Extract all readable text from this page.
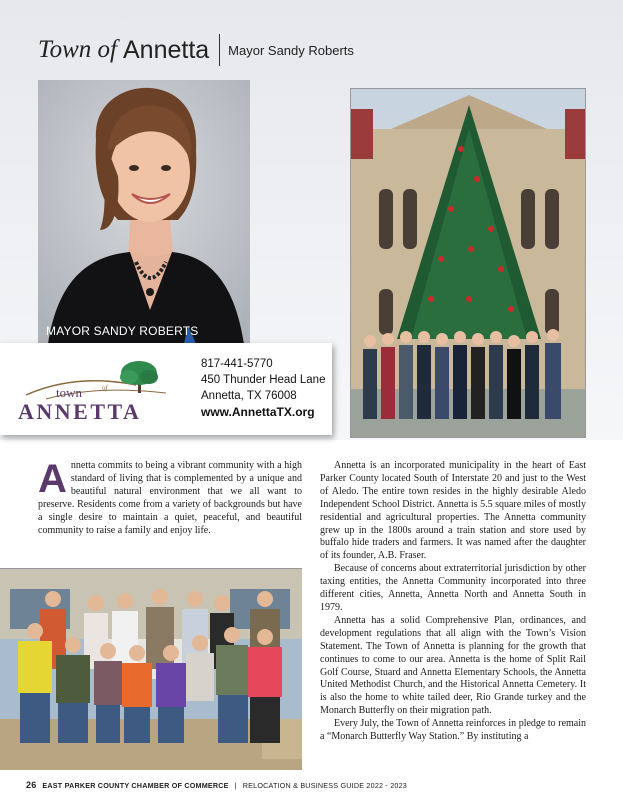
Town of Annetta Mayor Sandy Roberts
MAYOR SANDY ROBERTS
town	of
ANNETTA
817-441-5770
450 Thunder Head Lane
Annetta, TX 76008
www.AnnettaTX.org
A nnetta commits to being a vibrant community with a high standard of living that is complemented by a unique and beautiful natural environment that we all want to preserve. Residents come from a variety of backgrounds but have a single desire to maintain a quiet, peaceful, and beautiful community to raise a family and enjoy life.

Annetta is an incorporated municipality in the heart of East Parker County located South of Interstate 20 and just to the West of Aledo. The entire town resides in the highly desirable Aledo Independent School District. Annetta is 5.5 square miles of mostly residential and agricultural properties. The Annetta community grew up in the 1800s around a train station and store used by buffalo hide traders and farmers. It was named after the daughter of its founder, A.B. Fraser.

Because of concerns about extraterritorial jurisdiction by other taxing entities, the Annetta Community incorporated into three different cities, Annetta, Annetta North and Annetta South in 1979.

Annetta has a solid Comprehensive Plan, ordinances, and development regulations that all align with the Town’s Vision Statement. The Town of Annetta is planning for the growth that continues to come to our area. Annetta is the home of Split Rail Golf Course, Stuard and Annetta Elementary Schools, the Annetta United Methodist Church, and the Historical Annetta Cemetery. It is also the home to white tailed deer, Rio Grande turkey and the Monarch Butterfly on their migration path.

Every July, the Town of Annetta reinforces in pledge to remain a “Monarch Butterfly Way Station.” By instituting a

26 EAST PARKER COUNTY CHAMBER OF COMMERCE | RELOCATION & BUSINESS GUIDE 2022 - 2023
